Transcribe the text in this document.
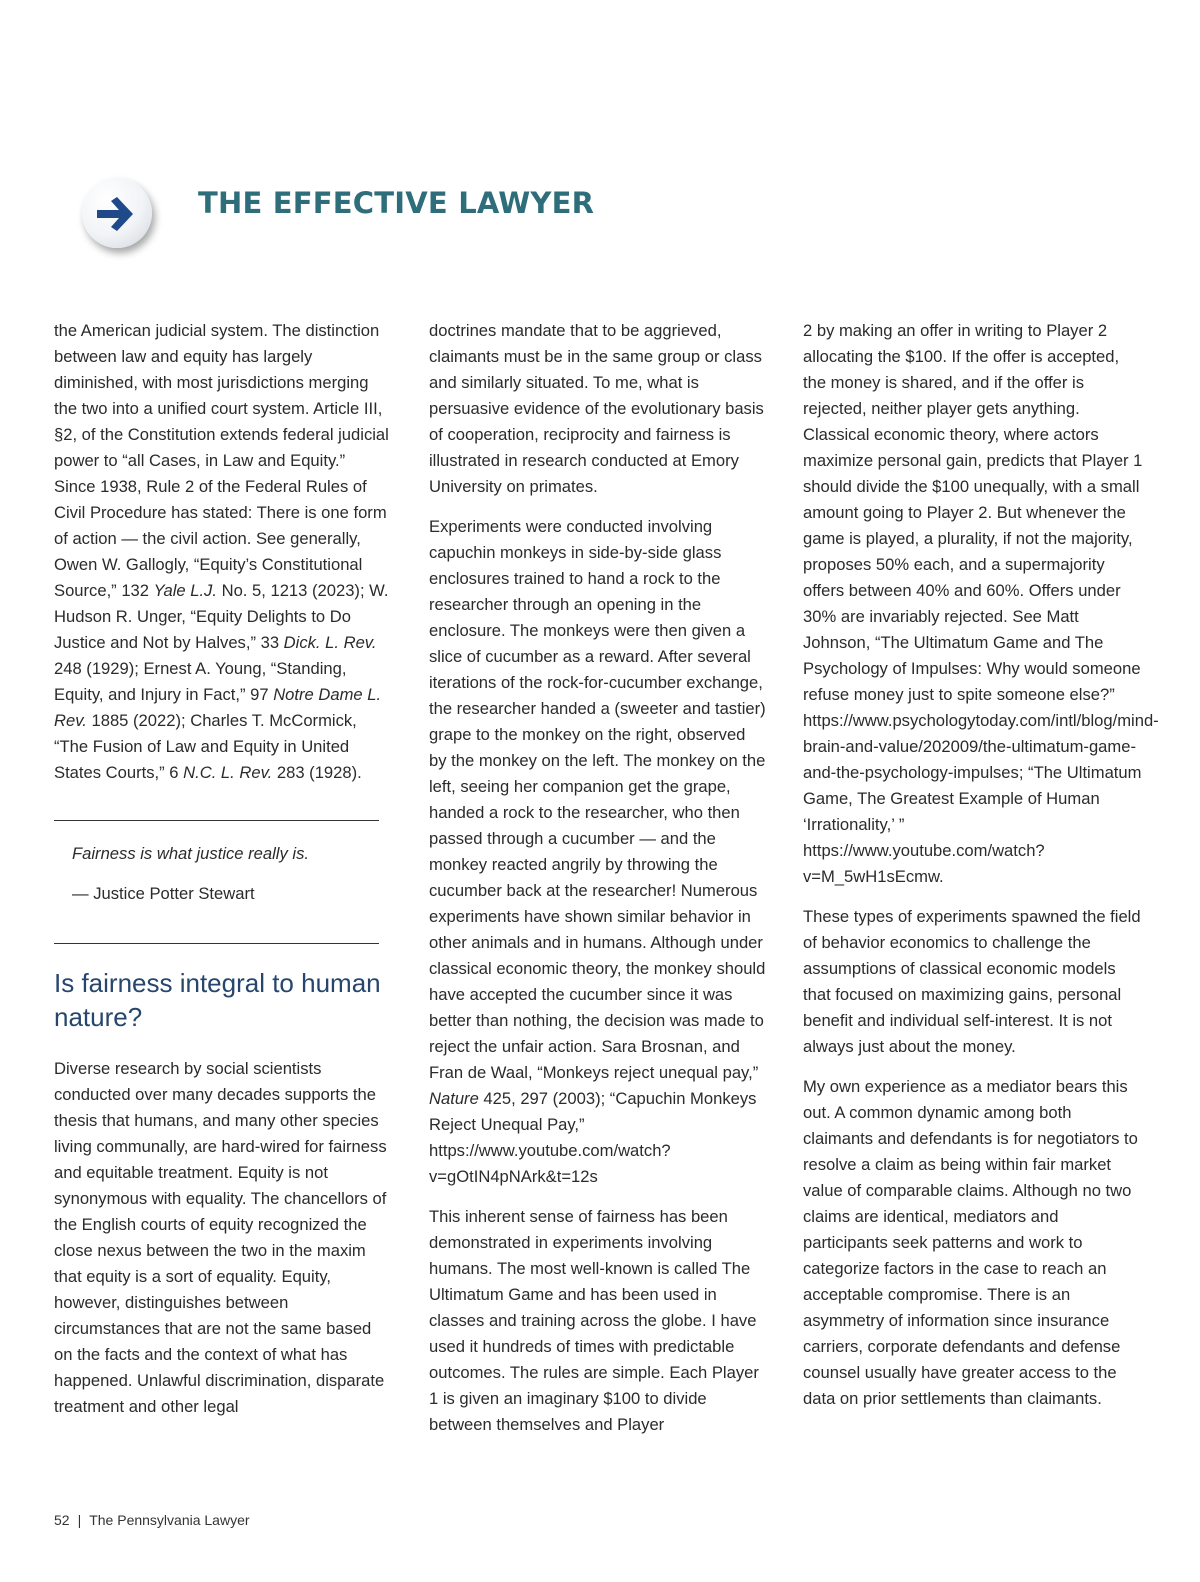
THE EFFECTIVE LAWYER

the American judicial system. The distinction between law and equity has largely diminished, with most jurisdictions merging the two into a unified court system. Article III, §2, of the Constitution extends federal judicial power to “all Cases, in Law and Equity.” Since 1938, Rule 2 of the Federal Rules of Civil Procedure has stated: There is one form of action — the civil action. See generally, Owen W. Gallogly, “Equity’s Constitutional Source,” 132 Yale L.J. No. 5, 1213 (2023); W. Hudson R. Unger, “Equity Delights to Do Justice and Not by Halves,” 33 Dick. L. Rev. 248 (1929); Ernest A. Young, “Standing, Equity, and Injury in Fact,” 97 Notre Dame L. Rev. 1885 (2022); Charles T. McCormick, “The Fusion of Law and Equity in United States Courts,” 6 N.C. L. Rev. 283 (1928).

Fairness is what justice really is.

— Justice Potter Stewart

Is fairness integral to human nature?

Diverse research by social scientists conducted over many decades supports the thesis that humans, and many other species living communally, are hard-wired for fairness and equitable treatment. Equity is not synonymous with equality. The chancellors of the English courts of equity recognized the close nexus between the two in the maxim that equity is a sort of equality. Equity, however, distinguishes between circumstances that are not the same based on the facts and the context of what has happened. Unlawful discrimination, disparate treatment and other legal

doctrines mandate that to be aggrieved, claimants must be in the same group or class and similarly situated. To me, what is persuasive evidence of the evolutionary basis of cooperation, reciprocity and fairness is illustrated in research conducted at Emory University on primates.

Experiments were conducted involving capuchin monkeys in side-by-side glass enclosures trained to hand a rock to the researcher through an opening in the enclosure. The monkeys were then given a slice of cucumber as a reward. After several iterations of the rock-for-cucumber exchange, the researcher handed a (sweeter and tastier) grape to the monkey on the right, observed by the monkey on the left. The monkey on the left, seeing her companion get the grape, handed a rock to the researcher, who then passed through a cucumber — and the monkey reacted angrily by throwing the cucumber back at the researcher! Numerous experiments have shown similar behavior in other animals and in humans. Although under classical economic theory, the monkey should have accepted the cucumber since it was better than nothing, the decision was made to reject the unfair action. Sara Brosnan, and Fran de Waal, “Monkeys reject unequal pay,” Nature 425, 297 (2003); “Capuchin Monkeys Reject Unequal Pay,” https://www.youtube.com/watch?v=gOtIN4pNArk&t=12s

This inherent sense of fairness has been demonstrated in experiments involving humans. The most well-known is called The Ultimatum Game and has been used in classes and training across the globe. I have used it hundreds of times with predictable outcomes. The rules are simple. Each Player 1 is given an imaginary $100 to divide between themselves and Player

2 by making an offer in writing to Player 2 allocating the $100. If the offer is accepted, the money is shared, and if the offer is rejected, neither player gets anything. Classical economic theory, where actors maximize personal gain, predicts that Player 1 should divide the $100 unequally, with a small amount going to Player 2. But whenever the game is played, a plurality, if not the majority, proposes 50% each, and a supermajority offers between 40% and 60%. Offers under 30% are invariably rejected. See Matt Johnson, “The Ultimatum Game and The Psychology of Impulses: Why would someone refuse money just to spite someone else?” https://www.psychologytoday.com/intl/blog/mind-brain-and-value/202009/the-ultimatum-game-and-the-psychology-impulses; “The Ultimatum Game, The Greatest Example of Human ‘Irrationality,’ ” https://www.youtube.com/watch?v=M_5wH1sEcmw.

These types of experiments spawned the field of behavior economics to challenge the assumptions of classical economic models that focused on maximizing gains, personal benefit and individual self-interest. It is not always just about the money.

My own experience as a mediator bears this out. A common dynamic among both claimants and defendants is for negotiators to resolve a claim as being within fair market value of comparable claims. Although no two claims are identical, mediators and participants seek patterns and work to categorize factors in the case to reach an acceptable compromise. There is an asymmetry of information since insurance carriers, corporate defendants and defense counsel usually have greater access to the data on prior settlements than claimants.

52 | The Pennsylvania Lawyer
